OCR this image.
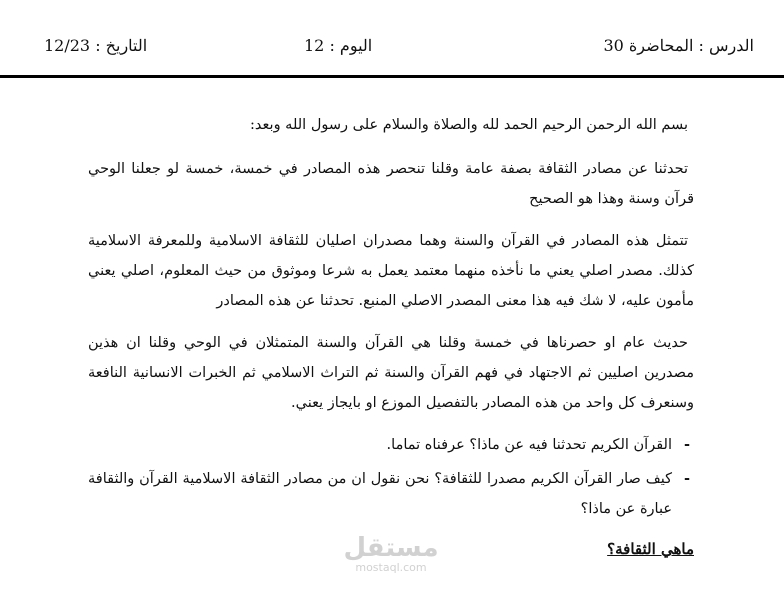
الدرس : المحاضرة 30
اليوم : 12
التاريخ : 12/23

بسم الله الرحمن الرحيم الحمد لله والصلاة والسلام على رسول الله وبعد:

تحدثنا عن مصادر الثقافة بصفة عامة وقلنا تنحصر هذه المصادر في خمسة، خمسة لو جعلنا الوحي قرآن وسنة وهذا هو الصحيح

تتمثل هذه المصادر في القرآن والسنة وهما مصدران اصليان للثقافة الاسلامية وللمعرفة الاسلامية كذلك. مصدر اصلي يعني ما نأخذه منهما معتمد يعمل به شرعا وموثوق من حيث المعلوم، اصلي يعني مأمون عليه، لا شك فيه هذا معنى المصدر الاصلي المنبع. تحدثنا عن هذه المصادر

حديث عام او حصرناها في خمسة وقلنا هي القرآن والسنة المتمثلان في الوحي وقلنا ان هذين مصدرين اصليين ثم الاجتهاد في فهم القرآن والسنة ثم التراث الاسلامي ثم الخبرات الانسانية النافعة وسنعرف كل واحد من هذه المصادر بالتفصيل الموزع او بايجاز يعني.

-
القرآن الكريم تحدثنا فيه عن ماذا؟ عرفناه تماما.
-
كيف صار القرآن الكريم مصدرا للثقافة؟ نحن نقول ان من مصادر الثقافة الاسلامية القرآن والثقافة عبارة عن ماذا؟
ماهي الثقافة؟
مستقل
mostaql.com
